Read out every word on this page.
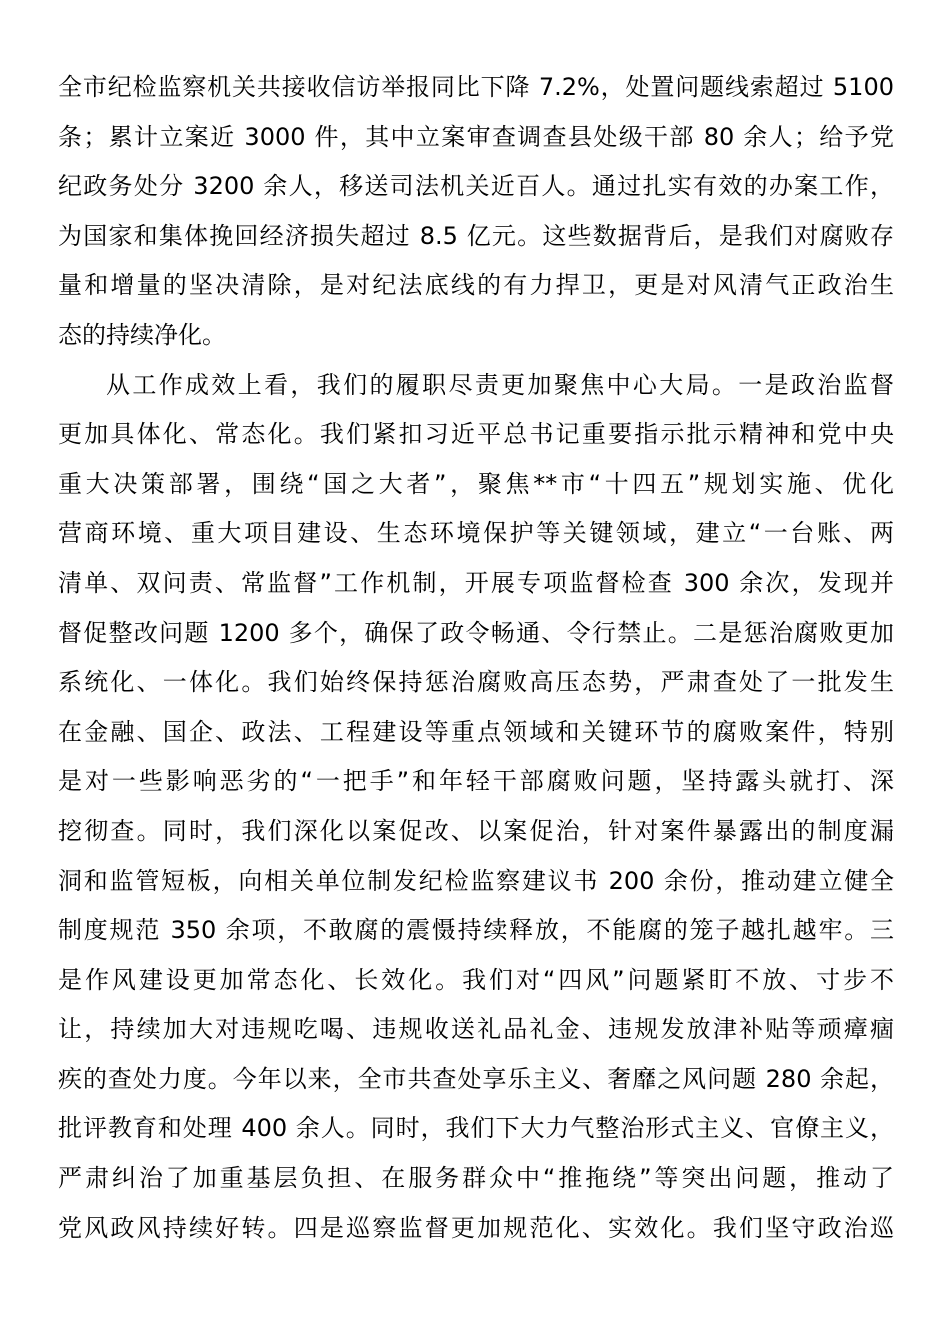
全市纪检监察机关共接收信访举报同比下降 7.2%，处置问题线索超过 5100
条；累计立案近 3000 件，其中立案审查调查县处级干部 80 余人；给予党
纪政务处分 3200 余人，移送司法机关近百人。通过扎实有效的办案工作，
为国家和集体挽回经济损失超过 8.5 亿元。这些数据背后，是我们对腐败存
量和增量的坚决清除，是对纪法底线的有力捍卫，更是对风清气正政治生
态的持续净化。
从工作成效上看，我们的履职尽责更加聚焦中心大局。一是政治监督
更加具体化、常态化。我们紧扣习近平总书记重要指示批示精神和党中央
重大决策部署，围绕“国之大者”，聚焦**市“十四五”规划实施、优化
营商环境、重大项目建设、生态环境保护等关键领域，建立“一台账、两
清单、双问责、常监督”工作机制，开展专项监督检查 300 余次，发现并
督促整改问题 1200 多个，确保了政令畅通、令行禁止。二是惩治腐败更加
系统化、一体化。我们始终保持惩治腐败高压态势，严肃查处了一批发生
在金融、国企、政法、工程建设等重点领域和关键环节的腐败案件，特别
是对一些影响恶劣的“一把手”和年轻干部腐败问题，坚持露头就打、深
挖彻查。同时，我们深化以案促改、以案促治，针对案件暴露出的制度漏
洞和监管短板，向相关单位制发纪检监察建议书 200 余份，推动建立健全
制度规范 350 余项，不敢腐的震慑持续释放，不能腐的笼子越扎越牢。三
是作风建设更加常态化、长效化。我们对“四风”问题紧盯不放、寸步不
让，持续加大对违规吃喝、违规收送礼品礼金、违规发放津补贴等顽瘴痼
疾的查处力度。今年以来，全市共查处享乐主义、奢靡之风问题 280 余起，
批评教育和处理 400 余人。同时，我们下大力气整治形式主义、官僚主义，
严肃纠治了加重基层负担、在服务群众中“推拖绕”等突出问题，推动了
党风政风持续好转。四是巡察监督更加规范化、实效化。我们坚守政治巡
